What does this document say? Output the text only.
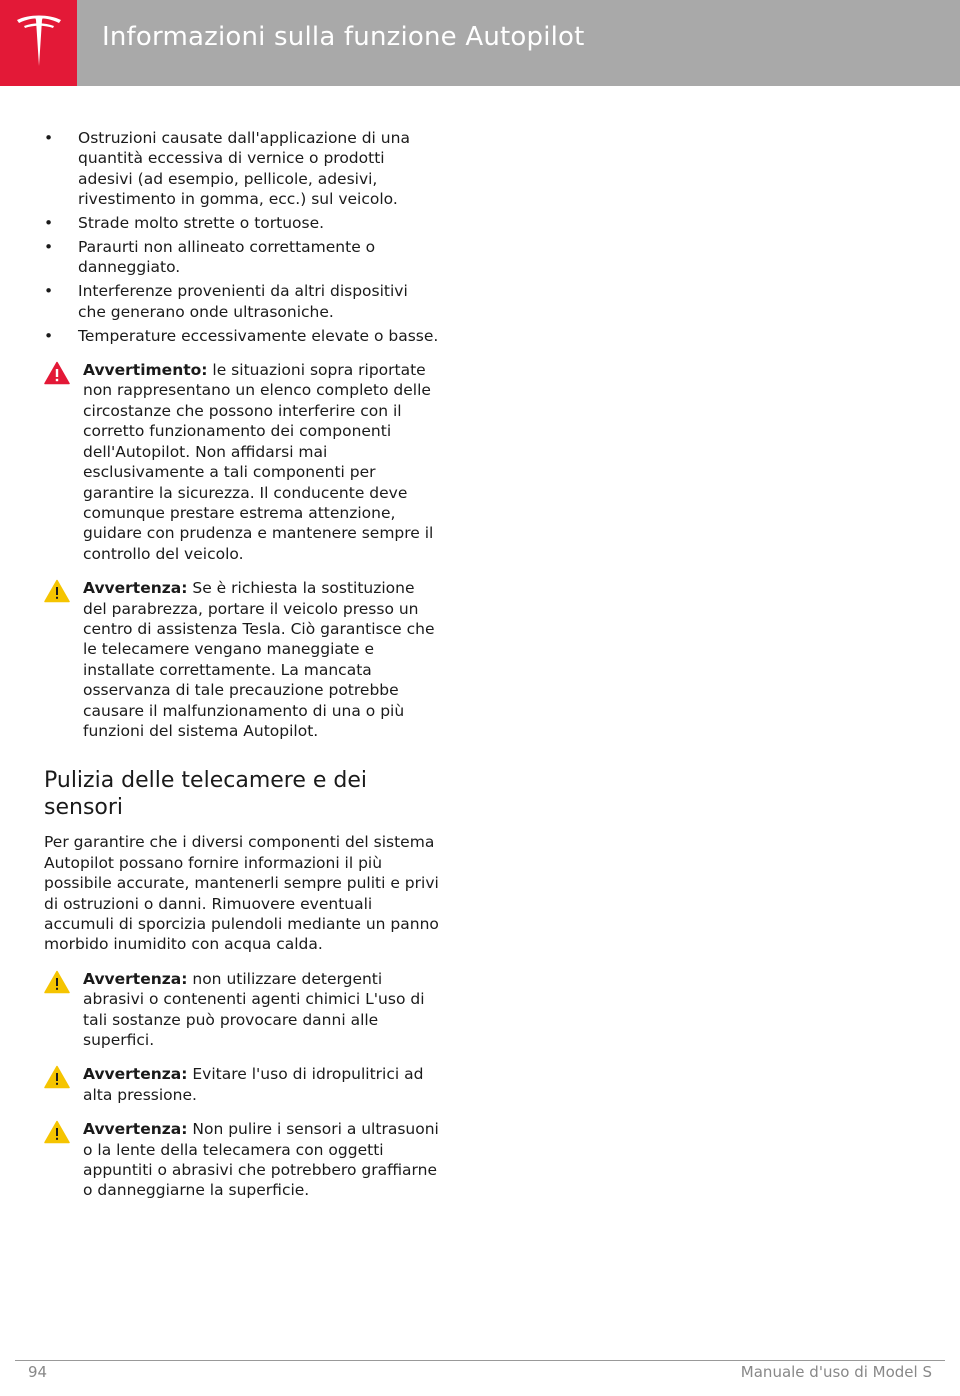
Informazioni sulla funzione Autopilot
• Ostruzioni causate dall'applicazione di una quantità eccessiva di vernice o prodotti adesivi (ad esempio, pellicole, adesivi, rivestimento in gomma, ecc.) sul veicolo.
• Strade molto strette o tortuose.
• Paraurti non allineato correttamente o danneggiato.
• Interferenze provenienti da altri dispositivi che generano onde ultrasoniche.
• Temperature eccessivamente elevate o basse.
Avvertimento: le situazioni sopra riportate non rappresentano un elenco completo delle circostanze che possono interferire con il corretto funzionamento dei componenti dell'Autopilot. Non affidarsi mai esclusivamente a tali componenti per garantire la sicurezza. Il conducente deve comunque prestare estrema attenzione, guidare con prudenza e mantenere sempre il controllo del veicolo.
Avvertenza: Se è richiesta la sostituzione del parabrezza, portare il veicolo presso un centro di assistenza Tesla. Ciò garantisce che le telecamere vengano maneggiate e installate correttamente. La mancata osservanza di tale precauzione potrebbe causare il malfunzionamento di una o più funzioni del sistema Autopilot.
Pulizia delle telecamere e dei sensori

Per garantire che i diversi componenti del sistema Autopilot possano fornire informazioni il più possibile accurate, mantenerli sempre puliti e privi di ostruzioni o danni. Rimuovere eventuali accumuli di sporcizia pulendoli mediante un panno morbido inumidito con acqua calda.

Avvertenza: non utilizzare detergenti abrasivi o contenenti agenti chimici L'uso di tali sostanze può provocare danni alle superfici.
Avvertenza: Evitare l'uso di idropulitrici ad alta pressione.
Avvertenza: Non pulire i sensori a ultrasuoni o la lente della telecamera con oggetti appuntiti o abrasivi che potrebbero graffiarne o danneggiarne la superficie.
94	Manuale d'uso di Model S
